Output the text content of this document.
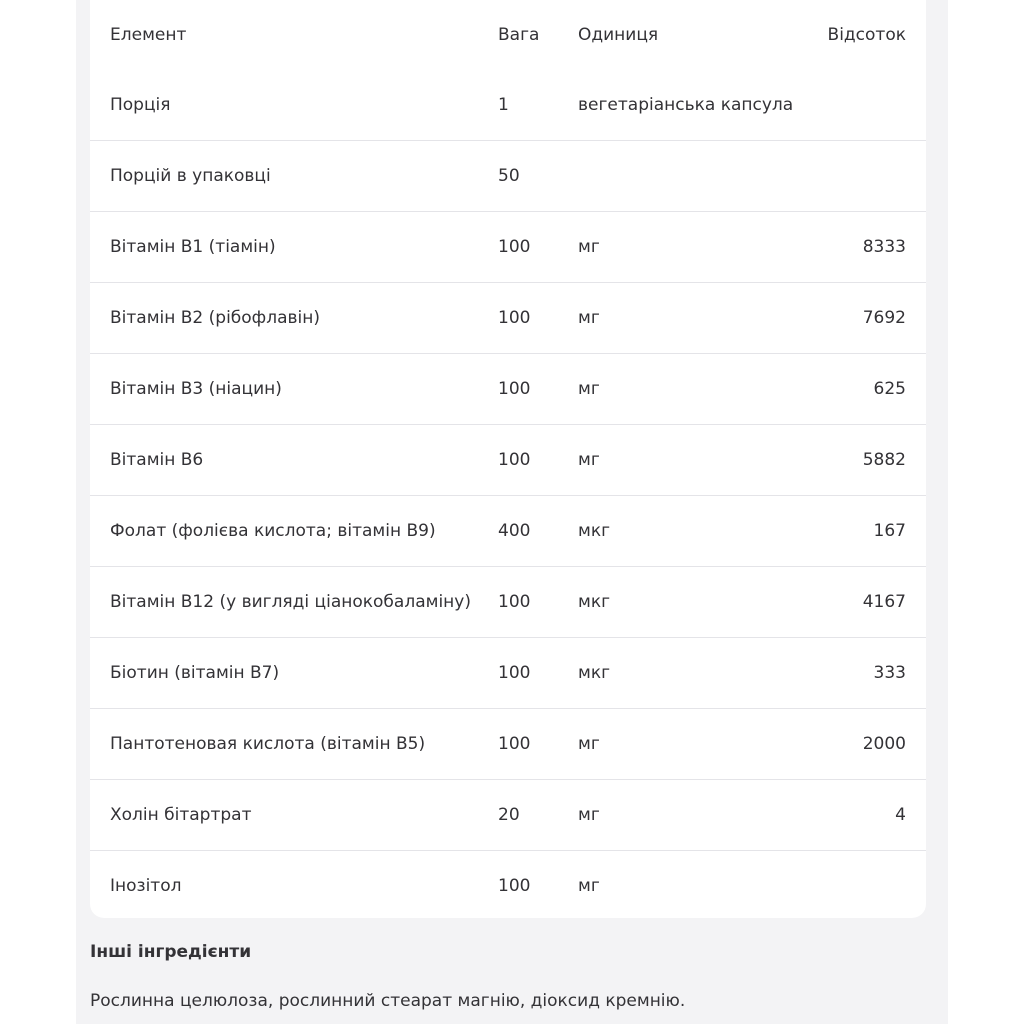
Елемент	Вага	Одиниця	Відсоток
Порція	1	вегетаріанська капсула	
Порцій в упаковці	50		
Вітамін B1 (тіамін)	100	мг	8333
Вітамін B2 (рібофлавін)	100	мг	7692
Вітамін B3 (ніацин)	100	мг	625
Вітамін B6	100	мг	5882
Фолат (фолієва кислота; вітамін B9)	400	мкг	167
Вітамін B12 (у вигляді ціанокобаламіну)	100	мкг	4167
Біотин (вітамін B7)	100	мкг	333
Пантотеновая кислота (вітамін B5)	100	мг	2000
Холін бітартрат	20	мг	4
Інозітол	100	мг	
Інші інгредієнти
Рослинна целюлоза, рослинний стеарат магнію, діоксид кремнію.
